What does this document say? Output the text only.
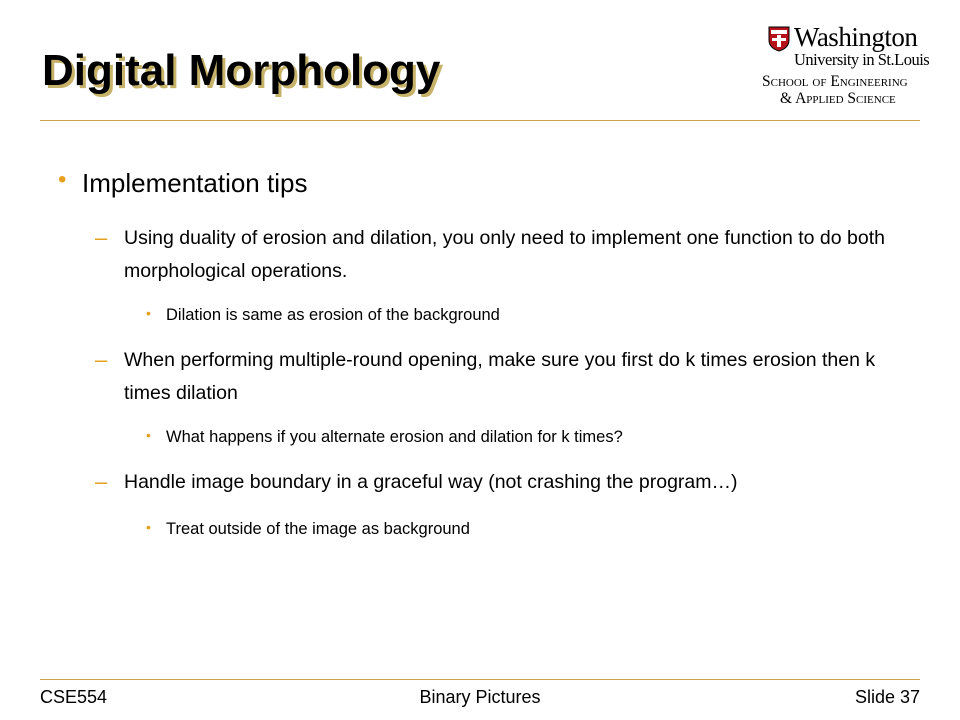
Digital Morphology
Washington
University in St.Louis
School of Engineering
& Applied Science
• Implementation tips
– Using duality of erosion and dilation, you only need to implement one function to do both morphological operations.
• Dilation is same as erosion of the background
– When performing multiple-round opening, make sure you first do k times erosion then k times dilation
• What happens if you alternate erosion and dilation for k times?
– Handle image boundary in a graceful way (not crashing the program…)
• Treat outside of the image as background
CSE554	Binary Pictures	Slide 37
